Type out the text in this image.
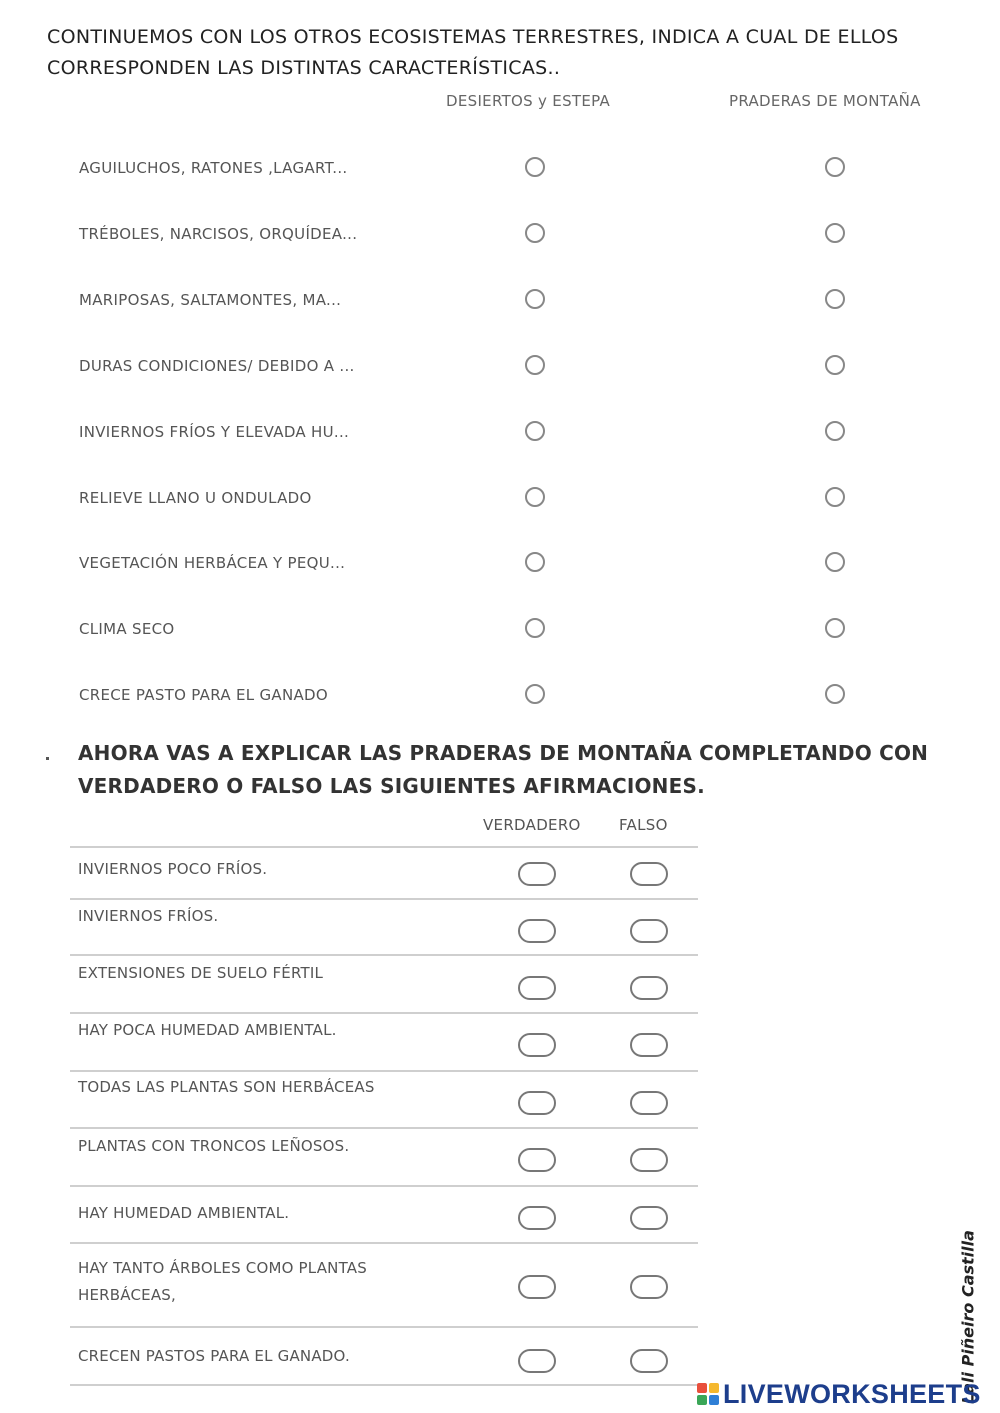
CONTINUEMOS CON LOS OTROS ECOSISTEMAS TERRESTRES, INDICA A CUAL DE ELLOS CORRESPONDEN LAS DISTINTAS CARACTERÍSTICAS..
DESIERTOS y ESTEPA	PRADERAS DE MONTAÑA
AGUILUCHOS, RATONES ,LAGART...
TRÉBOLES, NARCISOS, ORQUÍDEA...
MARIPOSAS, SALTAMONTES, MA...
DURAS CONDICIONES/ DEBIDO A ...
INVIERNOS FRÍOS Y ELEVADA HU...
RELIEVE LLANO U ONDULADO
VEGETACIÓN HERBÁCEA Y PEQU...
CLIMA SECO
CRECE PASTO PARA EL GANADO
AHORA VAS A EXPLICAR LAS PRADERAS DE MONTAÑA COMPLETANDO CON VERDADERO O FALSO LAS SIGUIENTES AFIRMACIONES.
VERDADERO	FALSO
INVIERNOS POCO FRÍOS.
INVIERNOS FRÍOS.
EXTENSIONES DE SUELO FÉRTIL
HAY POCA HUMEDAD AMBIENTAL.
TODAS LAS PLANTAS SON HERBÁCEAS
PLANTAS CON TRONCOS LEÑOSOS.
HAY HUMEDAD AMBIENTAL.
HAY TANTO ÁRBOLES COMO PLANTAS HERBÁCEAS,
CRECEN PASTOS PARA EL GANADO.	Lali Piñeiro Castilla
LIVEWORKSHEETS
